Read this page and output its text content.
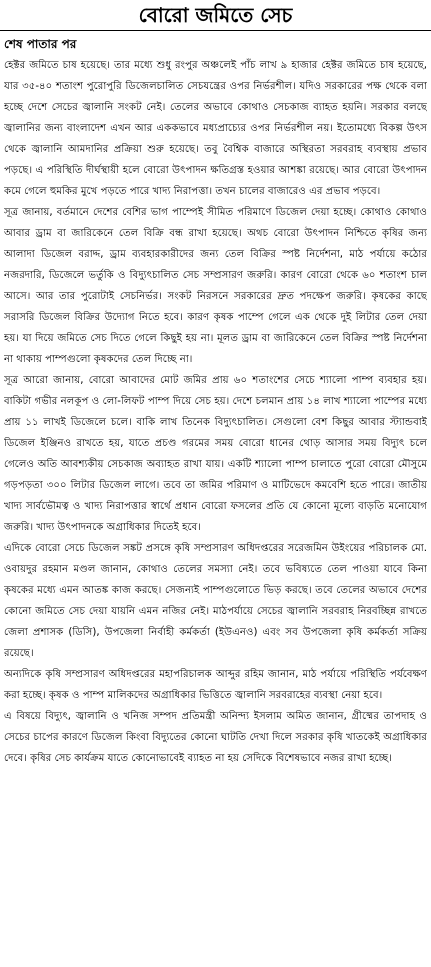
বোরো জমিতে সেচ
শেষ পাতার পর

হেক্টর জমিতে চাষ হয়েছে। তার মধ্যে শুধু রংপুর অঞ্চলেই পাঁচ লাখ ৯ হাজার হেক্টর জমিতে চাষ হয়েছে, যার ৩৫-৪০ শতাংশ পুরোপুরি ডিজেলচালিত সেচযন্ত্রের ওপর নির্ভরশীল। যদিও সরকারের পক্ষ থেকে বলা হচ্ছে দেশে সেচের জ্বালানি সংকট নেই। তেলের অভাবে কোথাও সেচকাজ ব্যাহত হয়নি। সরকার বলছে জ্বালানির জন্য বাংলাদেশ এখন আর এককভাবে মধ্যপ্রাচ্যের ওপর নির্ভরশীল নয়। ইতোমধ্যে বিকল্প উৎস থেকে জ্বালানি আমদানির প্রক্রিয়া শুরু হয়েছে। তবু বৈশ্বিক বাজারে অস্থিরতা সরবরাহ ব্যবস্থায় প্রভাব পড়ছে। এ পরিস্থিতি দীর্ঘস্থায়ী হলে বোরো উৎপাদন ক্ষতিগ্রস্ত হওয়ার আশঙ্কা রয়েছে। আর বোরো উৎপাদন কমে গেলে হুমকির মুখে পড়তে পারে খাদ্য নিরাপত্তা। তখন চালের বাজারেও এর প্রভাব পড়বে।

সূত্র জানায়, বর্তমানে দেশের বেশির ভাগ পাম্পেই সীমিত পরিমাণে ডিজেল দেয়া হচ্ছে। কোথাও কোথাও আবার ড্রাম বা জারিকেনে তেল বিক্রি বন্ধ রাখা হয়েছে। অথচ বোরো উৎপাদন নিশ্চিতে কৃষির জন্য আলাদা ডিজেল বরাদ্দ, ড্রাম ব্যবহারকারীদের জন্য তেল বিক্রির স্পষ্ট নির্দেশনা, মাঠ পর্যায়ে কঠোর নজরদারি, ডিজেলে ভর্তুকি ও বিদ্যুৎচালিত সেচ সম্প্রসারণ জরুরি। কারণ বোরো থেকে ৬০ শতাংশ চাল আসে। আর তার পুরোটাই সেচনির্ভর। সংকট নিরসনে সরকারের দ্রুত পদক্ষেপ জরুরি। কৃষকের কাছে সরাসরি ডিজেল বিক্রির উদ্যোগ নিতে হবে। কারণ কৃষক পাম্পে গেলে এক থেকে দুই লিটার তেল দেয়া হয়। যা দিয়ে জমিতে সেচ দিতে গেলে কিছুই হয় না। মূলত ড্রাম বা জারিকেনে তেল বিক্রির স্পষ্ট নির্দেশনা না থাকায় পাম্পগুলো কৃষকদের তেল দিচ্ছে না।

সূত্র আরো জানায়, বোরো আবাদের মোট জমির প্রায় ৬০ শতাংশের সেচে শ্যালো পাম্প ব্যবহার হয়। বাকিটা গভীর নলকূপ ও লো-লিফট পাম্প দিয়ে সেচ হয়। দেশে চলমান প্রায় ১৪ লাখ শ্যালো পাম্পের মধ্যে প্রায় ১১ লাখই ডিজেলে চলে। বাকি লাখ তিনেক বিদ্যুৎচালিত। সেগুলো বেশ কিছুর আবার স্ট্যান্ডবাই ডিজেল ইঞ্জিনও রাখতে হয়, যাতে প্রচণ্ড গরমের সময় বোরো ধানের থোড় আসার সময় বিদ্যুৎ চলে গেলেও অতি আবশ্যকীয় সেচকাজ অব্যাহত রাখা যায়। একটি শ্যালো পাম্প চালাতে পুরো বোরো মৌসুমে গড়পড়তা ৩০০ লিটার ডিজেল লাগে। তবে তা জমির পরিমাণ ও মাটিভেদে কমবেশি হতে পারে। জাতীয় খাদ্য সার্বভৌমত্ব ও খাদ্য নিরাপত্তার স্বার্থে প্রধান বোরো ফসলের প্রতি যে কোনো মূল্যে বাড়তি মনোযোগ জরুরি। খাদ্য উৎপাদনকে অগ্রাধিকার দিতেই হবে।

এদিকে বোরো সেচে ডিজেল সঙ্কট প্রসঙ্গে কৃষি সম্প্রসারণ অধিদপ্তরের সরেজমিন উইংয়ের পরিচালক মো. ওবায়দুর রহমান মণ্ডল জানান, কোথাও তেলের সমস্যা নেই। তবে ভবিষ্যতে তেল পাওয়া যাবে কিনা কৃষকের মধ্যে এমন আতঙ্ক কাজ করছে। সেজন্যই পাম্পগুলোতে ভিড় করছে। তবে তেলের অভাবে দেশের কোনো জমিতে সেচ দেয়া যায়নি এমন নজির নেই। মাঠপর্যায়ে সেচের জ্বালানি সরবরাহ নিরবচ্ছিন্ন রাখতে জেলা প্রশাসক (ডিসি), উপজেলা নির্বাহী কর্মকর্তা (ইউএনও) এবং সব উপজেলা কৃষি কর্মকর্তা সক্রিয় রয়েছে।

অন্যদিকে কৃষি সম্প্রসারণ অধিদপ্তরের মহাপরিচালক আব্দুর রহিম জানান, মাঠ পর্যায়ে পরিস্থিতি পর্যবেক্ষণ করা হচ্ছে। কৃষক ও পাম্প মালিকদের অগ্রাধিকার ভিত্তিতে জ্বালানি সরবরাহের ব্যবস্থা নেয়া হবে।

এ বিষয়ে বিদ্যুৎ, জ্বালানি ও খনিজ সম্পদ প্রতিমন্ত্রী অনিন্দ্য ইসলাম অমিত জানান, গ্রীষ্মের তাপদাহ ও সেচের চাপের কারণে ডিজেল কিংবা বিদ্যুতের কোনো ঘাটতি দেখা দিলে সরকার কৃষি খাতকেই অগ্রাধিকার দেবে। কৃষির সেচ কার্যক্রম যাতে কোনোভাবেই ব্যাহত না হয় সেদিকে বিশেষভাবে নজর রাখা হচ্ছে।
